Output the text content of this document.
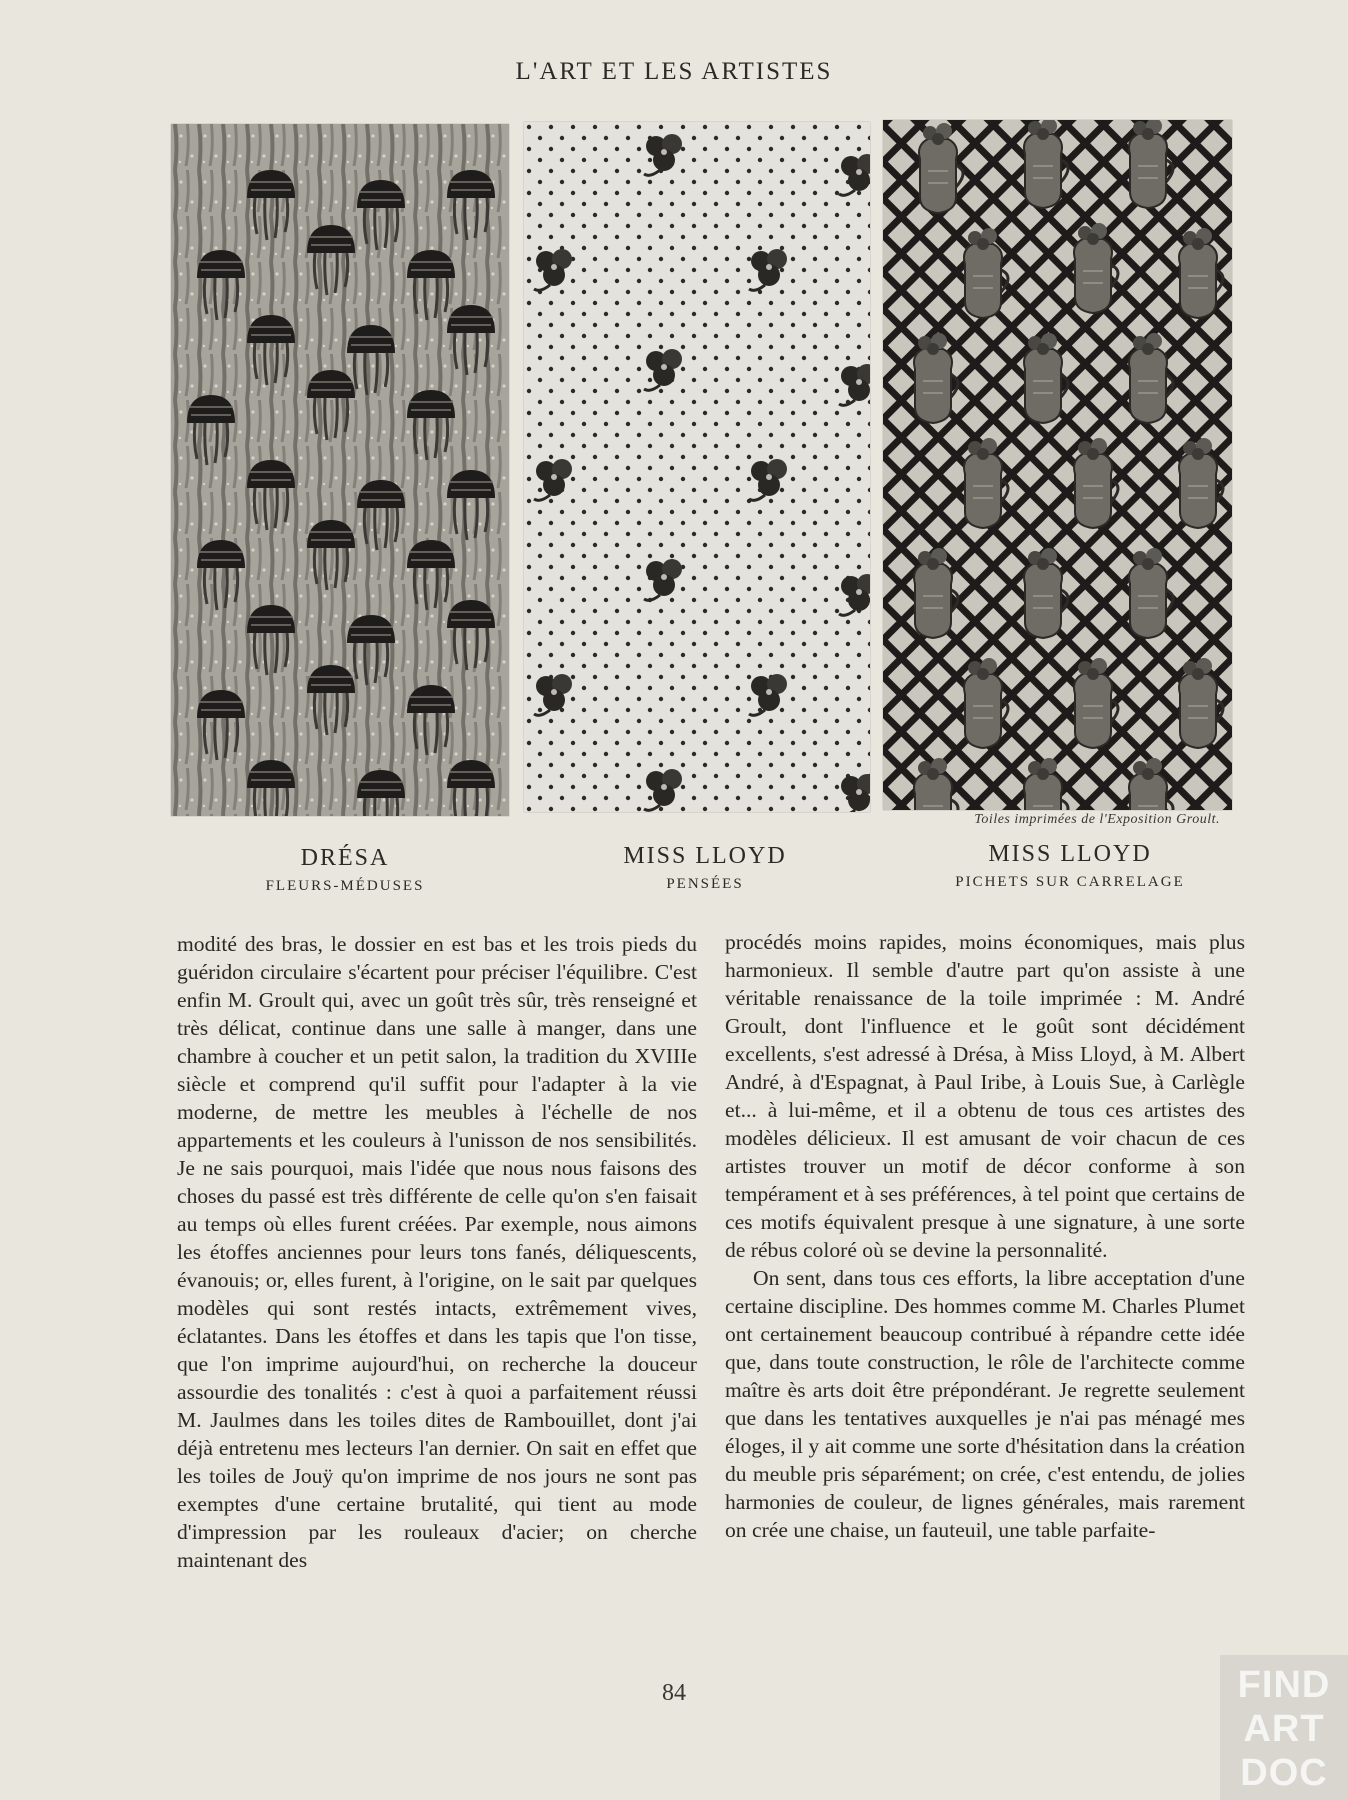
L'ART ET LES ARTISTES
Toiles imprimées de l'Exposition Groult.
DRÉSA
FLEURS-MÉDUSES
MISS LLOYD
PENSÉES
MISS LLOYD
PICHETS SUR CARRELAGE

modité des bras, le dossier en est bas et les trois pieds du guéridon circulaire s'écartent pour préciser l'équilibre. C'est enfin M. Groult qui, avec un goût très sûr, très renseigné et très délicat, continue dans une salle à manger, dans une chambre à coucher et un petit salon, la tradition du XVIIIe siècle et comprend qu'il suffit pour l'adapter à la vie moderne, de mettre les meubles à l'échelle de nos appartements et les couleurs à l'unisson de nos sensibilités. Je ne sais pourquoi, mais l'idée que nous nous faisons des choses du passé est très différente de celle qu'on s'en faisait au temps où elles furent créées. Par exemple, nous aimons les étoffes anciennes pour leurs tons fanés, déliquescents, évanouis; or, elles furent, à l'origine, on le sait par quelques modèles qui sont restés intacts, extrêmement vives, éclatantes. Dans les étoffes et dans les tapis que l'on tisse, que l'on imprime aujourd'hui, on recherche la douceur assourdie des tonalités : c'est à quoi a parfaitement réussi M. Jaulmes dans les toiles dites de Rambouillet, dont j'ai déjà entretenu mes lecteurs l'an dernier. On sait en effet que les toiles de Jouÿ qu'on imprime de nos jours ne sont pas exemptes d'une certaine brutalité, qui tient au mode d'impression par les rouleaux d'acier; on cherche maintenant des

procédés moins rapides, moins économiques, mais plus harmonieux. Il semble d'autre part qu'on assiste à une véritable renaissance de la toile imprimée : M. André Groult, dont l'influence et le goût sont décidément excellents, s'est adressé à Drésa, à Miss Lloyd, à M. Albert André, à d'Espagnat, à Paul Iribe, à Louis Sue, à Carlègle et... à lui-même, et il a obtenu de tous ces artistes des modèles délicieux. Il est amusant de voir chacun de ces artistes trouver un motif de décor conforme à son tempérament et à ses préférences, à tel point que certains de ces motifs équivalent presque à une signature, à une sorte de rébus coloré où se devine la personnalité.

On sent, dans tous ces efforts, la libre acceptation d'une certaine discipline. Des hommes comme M. Charles Plumet ont certainement beaucoup contribué à répandre cette idée que, dans toute construction, le rôle de l'architecte comme maître ès arts doit être prépondérant. Je regrette seulement que dans les tentatives auxquelles je n'ai pas ménagé mes éloges, il y ait comme une sorte d'hésitation dans la création du meuble pris séparément; on crée, c'est entendu, de jolies harmonies de couleur, de lignes générales, mais rarement on crée une chaise, un fauteuil, une table parfaite-

84	FIND
ART
DOC
